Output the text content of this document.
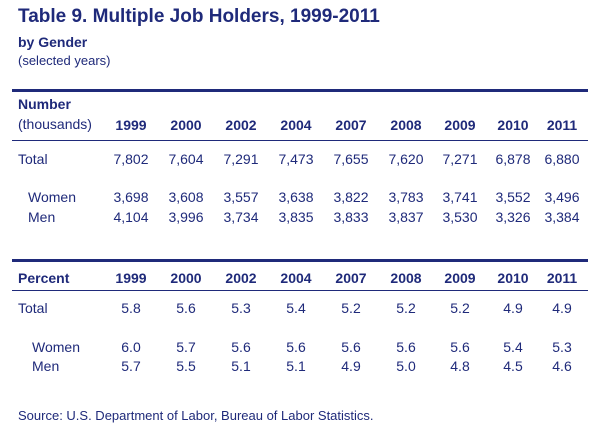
Table 9. Multiple Job Holders, 1999-2011
by Gender
(selected years)
Number
(thousands)	1999	2000	2002	2004	2007	2008	2009	2010	2011
Total	7,802	7,604	7,291	7,473	7,655	7,620	7,271	6,878 6,880
Women	3,698	3,608	3,557	3,638	3,822	3,783	3,741	3,552 3,496
Men	4,104	3,996	3,734	3,835	3,833	3,837	3,530	3,326 3,384
Percent	1999	2000	2002	2004	2007	2008	2009	2010	2011
Total	5.8	5.6	5.3	5.4	5.2	5.2	5.2	4.9	4.9
Women	6.0	5.7	5.6	5.6	5.6	5.6	5.6	5.4	5.3
Men	5.7	5.5	5.1	5.1	4.9	5.0	4.8	4.5	4.6
Source: U.S. Department of Labor, Bureau of Labor Statistics.
